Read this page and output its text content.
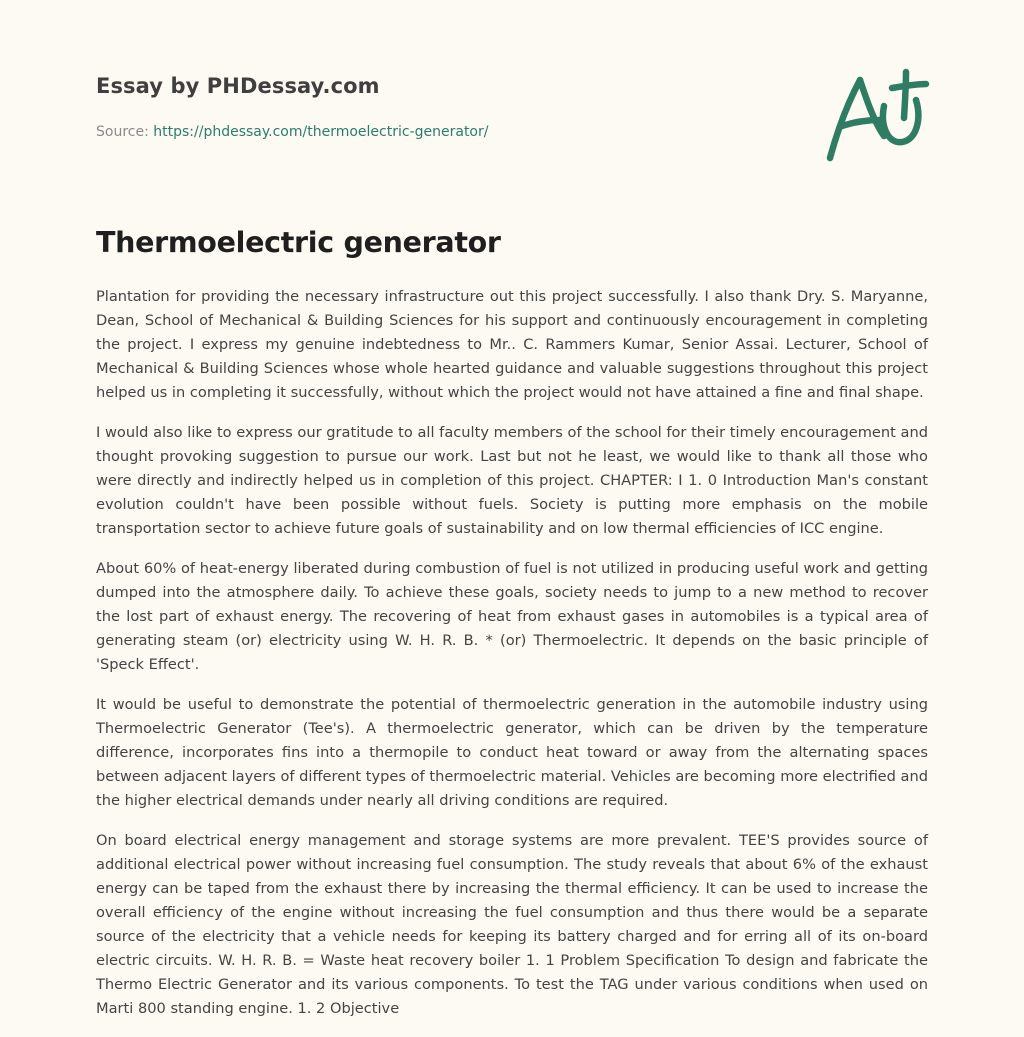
Essay by PHDessay.com
Source: https://phdessay.com/thermoelectric-generator/
Thermoelectric generator

Plantation for providing the necessary infrastructure out this project successfully. I also thank Dry. S. Maryanne, Dean, School of Mechanical & Building Sciences for his support and continuously encouragement in completing the project. I express my genuine indebtedness to Mr.. C. Rammers Kumar, Senior Assai. Lecturer, School of Mechanical & Building Sciences whose whole hearted guidance and valuable suggestions throughout this project helped us in completing it successfully, without which the project would not have attained a fine and final shape.

I would also like to express our gratitude to all faculty members of the school for their timely encouragement and thought provoking suggestion to pursue our work. Last but not he least, we would like to thank all those who were directly and indirectly helped us in completion of this project. CHAPTER: I 1. 0 Introduction Man's constant evolution couldn't have been possible without fuels. Society is putting more emphasis on the mobile transportation sector to achieve future goals of sustainability and on low thermal efficiencies of ICC engine.

About 60% of heat-energy liberated during combustion of fuel is not utilized in producing useful work and getting dumped into the atmosphere daily. To achieve these goals, society needs to jump to a new method to recover the lost part of exhaust energy. The recovering of heat from exhaust gases in automobiles is a typical area of generating steam (or) electricity using W. H. R. B. * (or) Thermoelectric. It depends on the basic principle of 'Speck Effect'.

It would be useful to demonstrate the potential of thermoelectric generation in the automobile industry using Thermoelectric Generator (Tee's). A thermoelectric generator, which can be driven by the temperature difference, incorporates fins into a thermopile to conduct heat toward or away from the alternating spaces between adjacent layers of different types of thermoelectric material. Vehicles are becoming more electrified and the higher electrical demands under nearly all driving conditions are required.

On board electrical energy management and storage systems are more prevalent. TEE'S provides source of additional electrical power without increasing fuel consumption. The study reveals that about 6% of the exhaust energy can be taped from the exhaust there by increasing the thermal efficiency. It can be used to increase the overall efficiency of the engine without increasing the fuel consumption and thus there would be a separate source of the electricity that a vehicle needs for keeping its battery charged and for erring all of its on-board electric circuits. W. H. R. B. = Waste heat recovery boiler 1. 1 Problem Specification To design and fabricate the Thermo Electric Generator and its various components. To test the TAG under various conditions when used on Marti 800 standing engine. 1. 2 Objective
